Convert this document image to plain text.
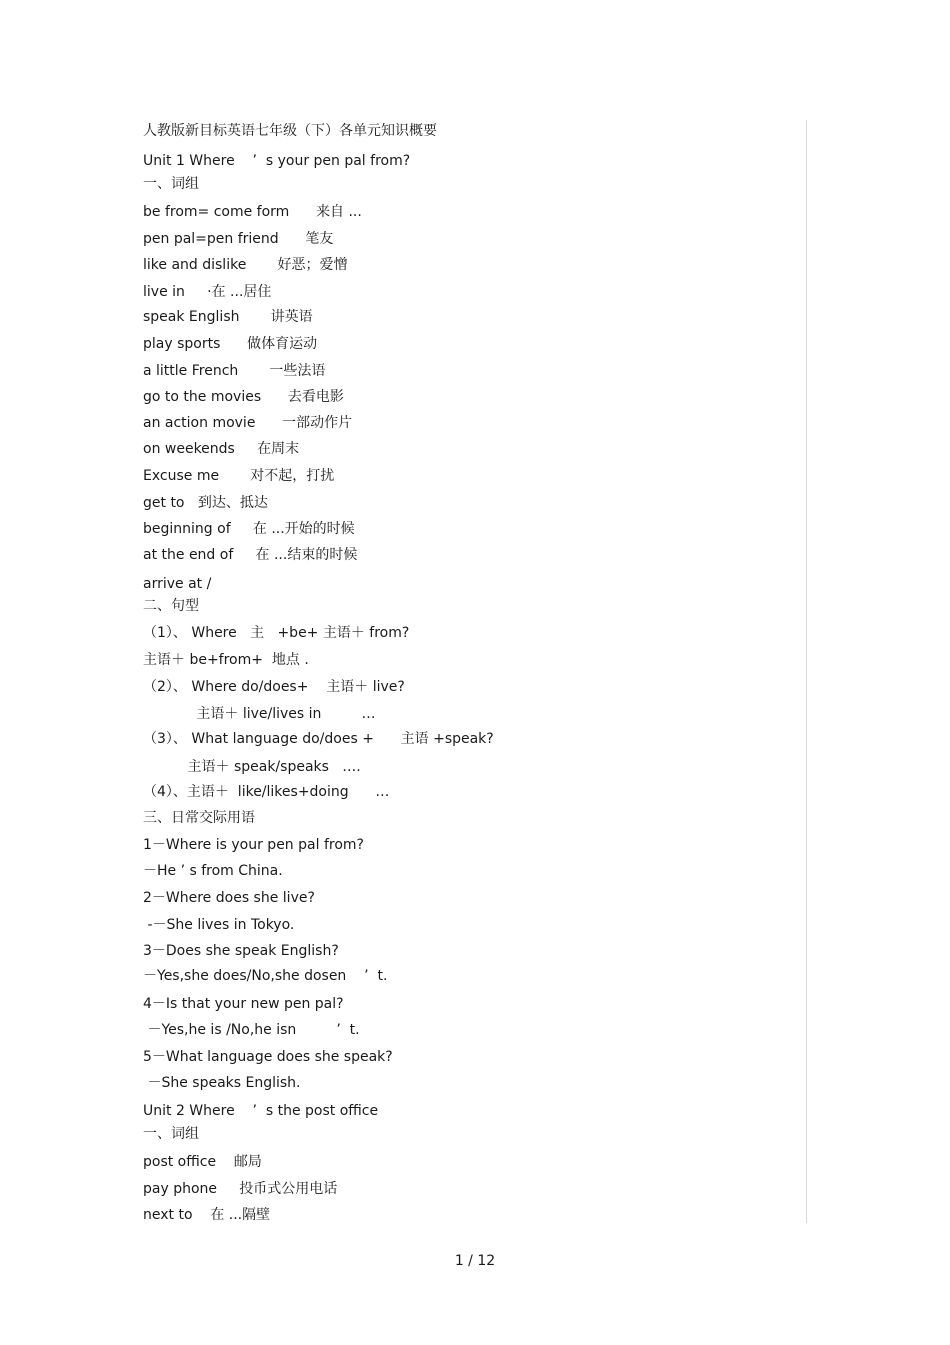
人教版新目标英语七年级（下）各单元知识概要
Unit 1 Where    ’  s your pen pal from?
一、词组
be from= come form      来自 ...
pen pal=pen friend      笔友
like and dislike       好恶；爱憎
live in     ·在 ...居住
speak English       讲英语
play sports      做体育运动
a little French       一些法语
go to the movies      去看电影
an action movie      一部动作片
on weekends     在周末
Excuse me       对不起，打扰
get to   到达、抵达
beginning of     在 ...开始的时候
at the end of     在 ...结束的时候
arrive at /
二、句型
（1）、 Where   主   +be+ 主语＋ from?
主语＋ be+from+  地点 .
（2）、 Where do/does+    主语＋ live?
主语＋ live/lives in         …
（3）、 What language do/does +      主语 +speak?
主语＋ speak/speaks   ….
（4）、主语＋  like/likes+doing      …
三、日常交际用语
1－Where is your pen pal from?
－He ’ s from China.
2－Where does she live?
-－She lives in Tokyo.
3－Does she speak English?
－Yes,she does/No,she dosen    ’  t.
4－Is that your new pen pal?
－Yes,he is /No,he isn         ’  t.
5－What language does she speak?
－She speaks English.
Unit 2 Where    ’  s the post office
一、词组
post office    邮局
pay phone     投币式公用电话
next to    在 ...隔壁
1 / 12
